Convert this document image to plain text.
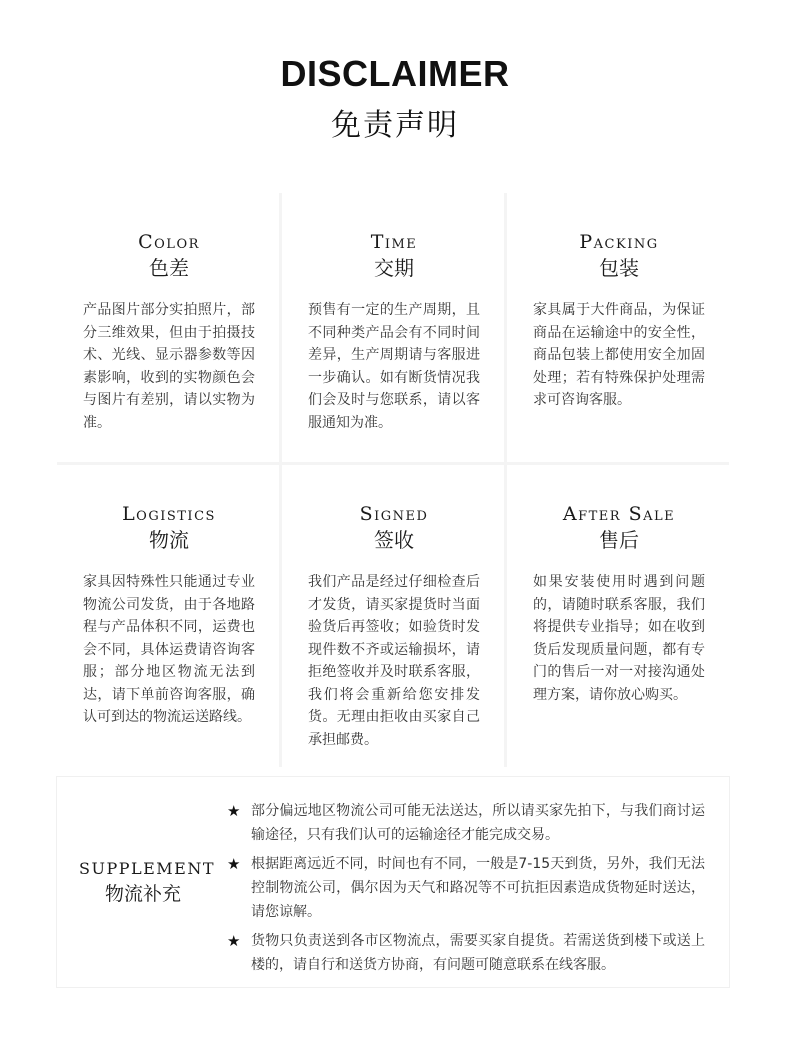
DISCLAIMER
免责声明
Color
色差
产品图片部分实拍照片，部分三维效果，但由于拍摄技术、光线、显示器参数等因素影响，收到的实物颜色会与图片有差别，请以实物为准。
Time
交期
预售有一定的生产周期，且不同种类产品会有不同时间差异，生产周期请与客服进一步确认。如有断货情况我们会及时与您联系，请以客服通知为准。
Packing
包装
家具属于大件商品，为保证商品在运输途中的安全性，商品包装上都使用安全加固处理；若有特殊保护处理需求可咨询客服。
Logistics
物流
家具因特殊性只能通过专业物流公司发货，由于各地路程与产品体积不同，运费也会不同，具体运费请咨询客服；部分地区物流无法到达，请下单前咨询客服，确认可到达的物流运送路线。
Signed
签收
我们产品是经过仔细检查后才发货，请买家提货时当面验货后再签收；如验货时发现件数不齐或运输损坏，请拒绝签收并及时联系客服，我们将会重新给您安排发货。无理由拒收由买家自己承担邮费。
After Sale
售后
如果安装使用时遇到问题的，请随时联系客服，我们将提供专业指导；如在收到货后发现质量问题，都有专门的售后一对一对接沟通处理方案，请你放心购买。
SUPPLEMENT
物流补充
★ 部分偏远地区物流公司可能无法送达，所以请买家先拍下，与我们商讨运输途径，只有我们认可的运输途径才能完成交易。
★ 根据距离远近不同，时间也有不同，一般是7-15天到货，另外，我们无法控制物流公司，偶尔因为天气和路况等不可抗拒因素造成货物延时送达，请您谅解。
★ 货物只负责送到各市区物流点，需要买家自提货。若需送货到楼下或送上楼的，请自行和送货方协商，有问题可随意联系在线客服。
